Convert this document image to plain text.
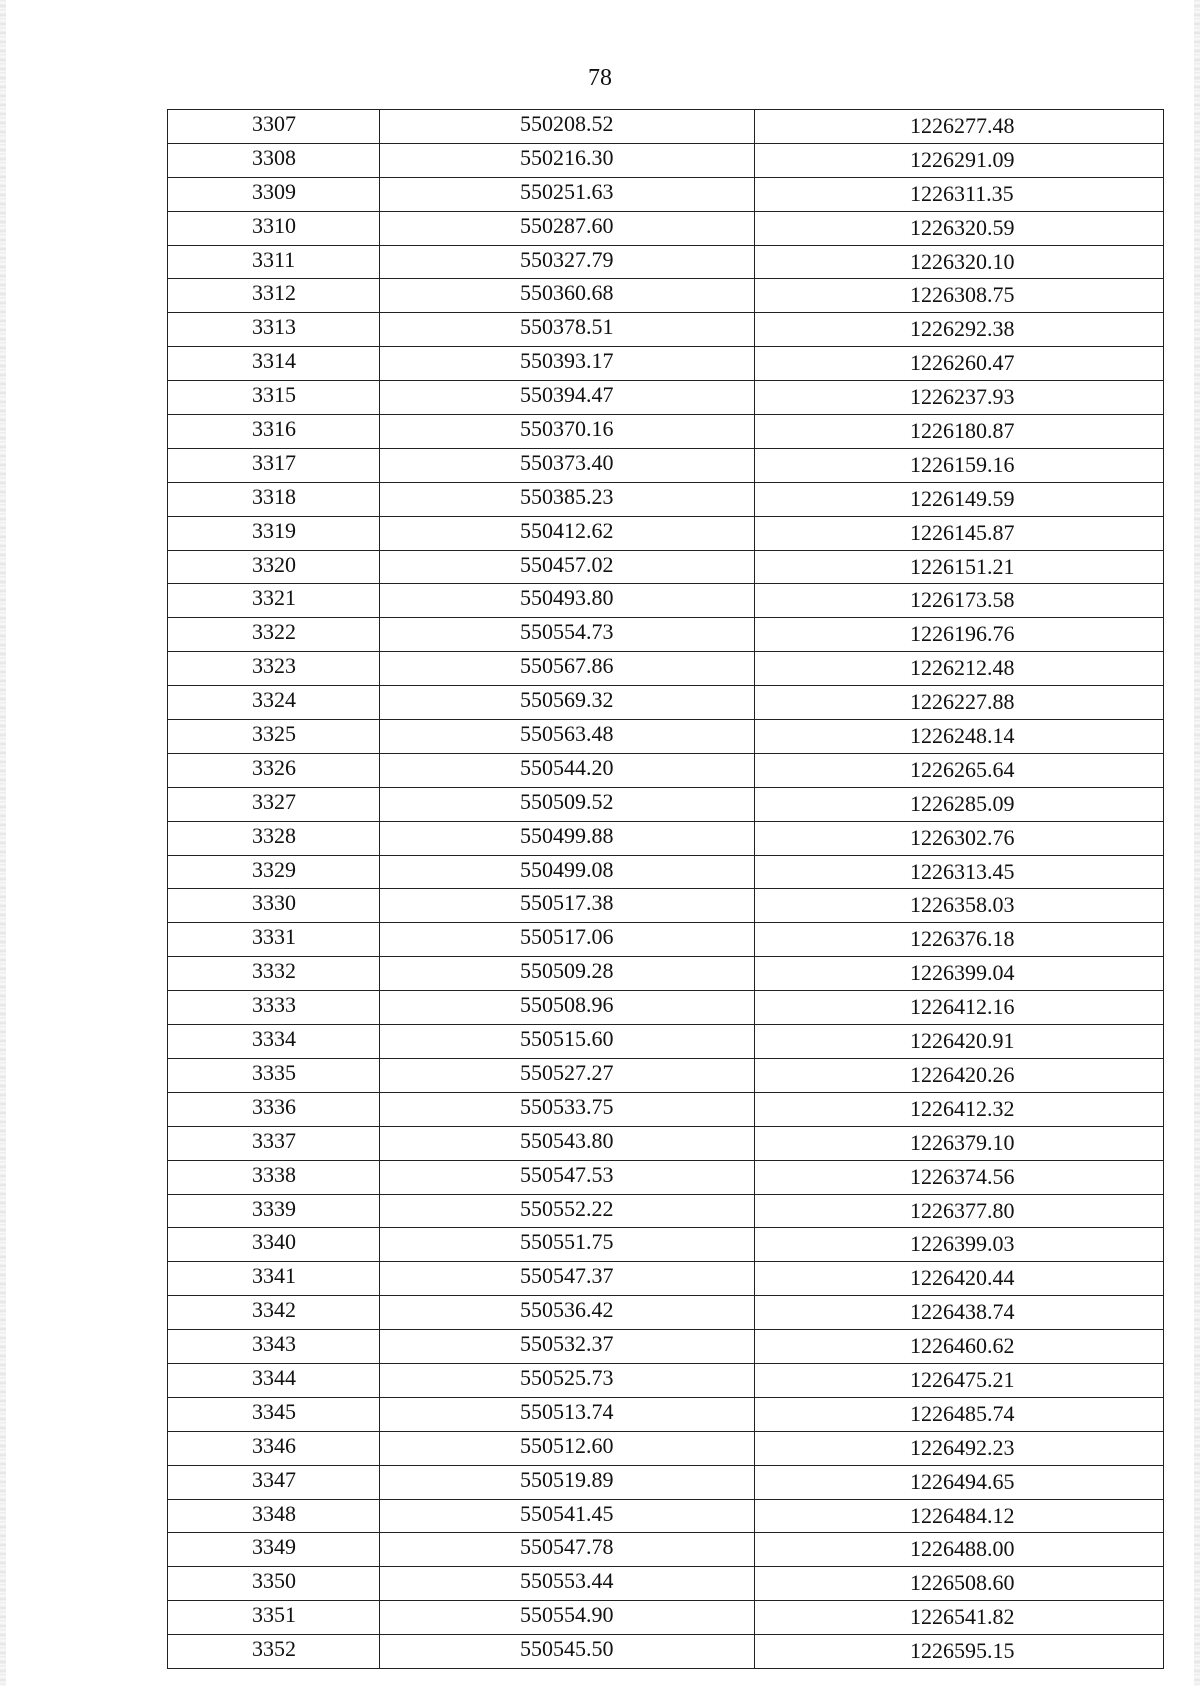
78
3307	550208.52	1226277.48
3308	550216.30	1226291.09
3309	550251.63	1226311.35
3310	550287.60	1226320.59
3311	550327.79	1226320.10
3312	550360.68	1226308.75
3313	550378.51	1226292.38
3314	550393.17	1226260.47
3315	550394.47	1226237.93
3316	550370.16	1226180.87
3317	550373.40	1226159.16
3318	550385.23	1226149.59
3319	550412.62	1226145.87
3320	550457.02	1226151.21
3321	550493.80	1226173.58
3322	550554.73	1226196.76
3323	550567.86	1226212.48
3324	550569.32	1226227.88
3325	550563.48	1226248.14
3326	550544.20	1226265.64
3327	550509.52	1226285.09
3328	550499.88	1226302.76
3329	550499.08	1226313.45
3330	550517.38	1226358.03
3331	550517.06	1226376.18
3332	550509.28	1226399.04
3333	550508.96	1226412.16
3334	550515.60	1226420.91
3335	550527.27	1226420.26
3336	550533.75	1226412.32
3337	550543.80	1226379.10
3338	550547.53	1226374.56
3339	550552.22	1226377.80
3340	550551.75	1226399.03
3341	550547.37	1226420.44
3342	550536.42	1226438.74
3343	550532.37	1226460.62
3344	550525.73	1226475.21
3345	550513.74	1226485.74
3346	550512.60	1226492.23
3347	550519.89	1226494.65
3348	550541.45	1226484.12
3349	550547.78	1226488.00
3350	550553.44	1226508.60
3351	550554.90	1226541.82
3352	550545.50	1226595.15
